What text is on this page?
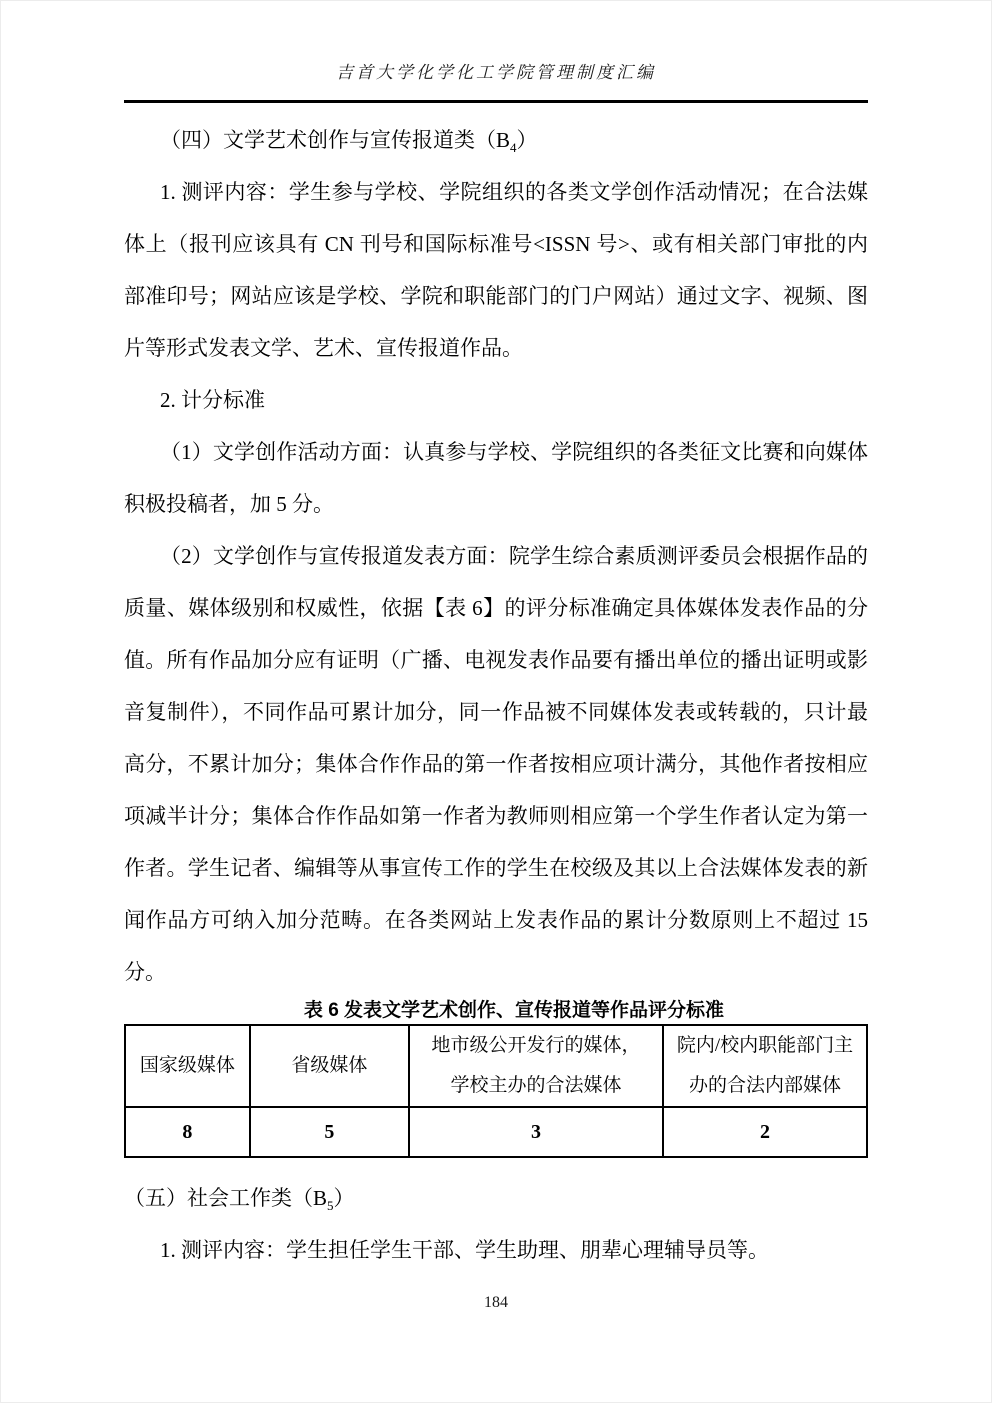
吉首大学化学化工学院管理制度汇编

（四）文学艺术创作与宣传报道类$(B_4)$

1. 测评内容：学生参与学校、学院组织的各类文学创作活动情况；在合法媒体上（报刊应该具有 CN 刊号和国际标准号<ISSN 号>、或有相关部门审批的内部准印号；网站应该是学校、学院和职能部门的门户网站）通过文字、视频、图片等形式发表文学、艺术、宣传报道作品。

2. 计分标准

（1）文学创作活动方面：认真参与学校、学院组织的各类征文比赛和向媒体积极投稿者，加 5 分。

（2）文学创作与宣传报道发表方面：院学生综合素质测评委员会根据作品的质量、媒体级别和权威性，依据【表 6】的评分标准确定具体媒体发表作品的分值。所有作品加分应有证明（广播、电视发表作品要有播出单位的播出证明或影音复制件），不同作品可累计加分，同一作品被不同媒体发表或转载的，只计最高分，不累计加分；集体合作作品的第一作者按相应项计满分，其他作者按相应项减半计分；集体合作作品如第一作者为教师则相应第一个学生作者认定为第一作者。学生记者、编辑等从事宣传工作的学生在校级及其以上合法媒体发表的新闻作品方可纳入加分范畴。在各类网站上发表作品的累计分数原则上不超过 15 分。

表 6 发表文学艺术创作、宣传报道等作品评分标准

国家级媒体	省级媒体	地市级公开发行的媒体，学校主办的合法媒体	院内/校内职能部门主办的合法内部媒体
8	5	3	2

（五）社会工作类$(B_5)$

1. 测评内容：学生担任学生干部、学生助理、朋辈心理辅导员等。

184
